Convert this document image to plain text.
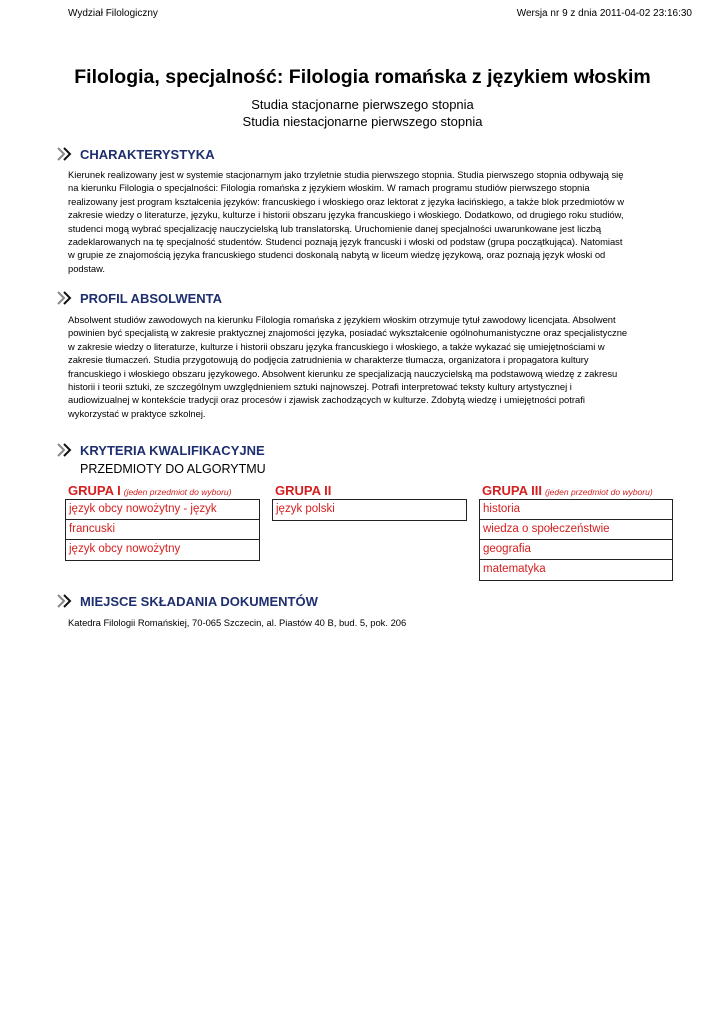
Wydział Filologiczny	Wersja nr 9 z dnia 2011-04-02 23:16:30
Filologia, specjalność: Filologia romańska z językiem włoskim
Studia stacjonarne pierwszego stopnia
Studia niestacjonarne pierwszego stopnia
CHARAKTERYSTYKA
Kierunek realizowany jest w systemie stacjonarnym jako trzyletnie studia pierwszego stopnia. Studia pierwszego stopnia odbywają się
na kierunku Filologia o specjalności: Filologia romańska z językiem włoskim. W ramach programu studiów pierwszego stopnia
realizowany jest program kształcenia języków: francuskiego i włoskiego oraz lektorat z języka łacińskiego, a także blok przedmiotów w
zakresie wiedzy o literaturze, języku, kulturze i historii obszaru języka francuskiego i włoskiego. Dodatkowo, od drugiego roku studiów,
studenci mogą wybrać specjalizację nauczycielską lub translatorską. Uruchomienie danej specjalności uwarunkowane jest liczbą
zadeklarowanych na tę specjalność studentów. Studenci poznają język francuski i włoski od podstaw (grupa początkująca). Natomiast
w grupie ze znajomością języka francuskiego studenci doskonalą nabytą w liceum wiedzę językową, oraz poznają język włoski od
podstaw.
PROFIL ABSOLWENTA
Absolwent studiów zawodowych na kierunku Filologia romańska z językiem włoskim otrzymuje tytuł zawodowy licencjata. Absolwent
powinien być specjalistą w zakresie praktycznej znajomości języka, posiadać wykształcenie ogólnohumanistyczne oraz specjalistyczne
w zakresie wiedzy o literaturze, kulturze i historii obszaru języka francuskiego i włoskiego, a także wykazać się umiejętnościami w
zakresie tłumaczeń. Studia przygotowują do podjęcia zatrudnienia w charakterze tłumacza, organizatora i propagatora kultury
francuskiego i włoskiego obszaru językowego. Absolwent kierunku ze specjalizacją nauczycielską ma podstawową wiedzę z zakresu
historii i teorii sztuki, ze szczególnym uwzględnieniem sztuki najnowszej. Potrafi interpretować teksty kultury artystycznej i
audiowizualnej w kontekście tradycji oraz procesów i zjawisk zachodzących w kulturze. Zdobytą wiedzę i umiejętności potrafi
wykorzystać w praktyce szkolnej.
KRYTERIA KWALIFIKACYJNE
PRZEDMIOTY DO ALGORYTMU
GRUPA I (jeden przedmiot do wyboru)
język obcy nowożytny - język
francuski
język obcy nowożytny
GRUPA II
język polski
GRUPA III (jeden przedmiot do wyboru)
historia
wiedza o społeczeństwie
geografia
matematyka
MIEJSCE SKŁADANIA DOKUMENTÓW
Katedra Filologii Romańskiej, 70-065 Szczecin, al. Piastów 40 B, bud. 5, pok. 206
